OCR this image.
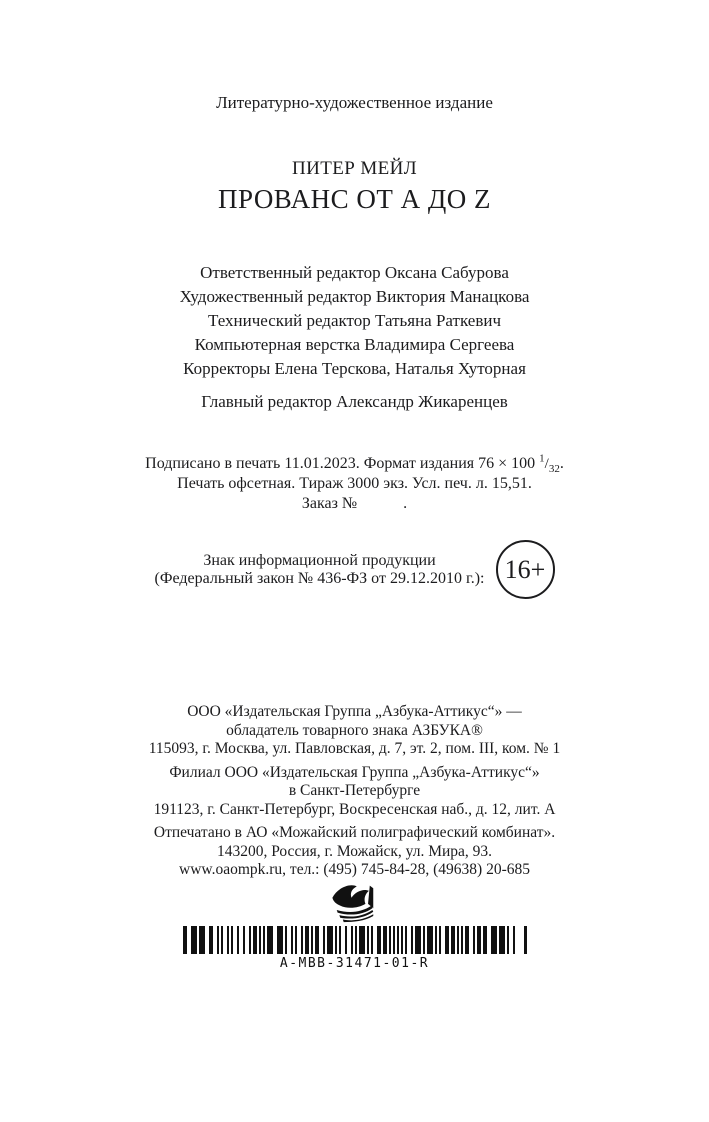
Литературно-художественное издание
ПИТЕР МЕЙЛ
ПРОВАНС ОТ А ДО Z
Ответственный редактор Оксана Сабурова
Художественный редактор Виктория Манацкова
Технический редактор Татьяна Раткевич
Компьютерная верстка Владимира Сергеева
Корректоры Елена Терскова, Наталья Хуторная
Главный редактор Александр Жикаренцев
Подписано в печать 11.01.2023. Формат издания 76 × 100 $^1/_{32}$.
Печать офсетная. Тираж 3000 экз. Усл. печ. л. 15,51.
Заказ №	.
Знак информационной продукции
(Федеральный закон № 436-ФЗ от 29.12.2010 г.): 16+
ООО «Издательская Группа „Азбука-Аттикус“» —
обладатель товарного знака АЗБУКА®
115093, г. Москва, ул. Павловская, д. 7, эт. 2, пом. III, ком. № 1
Филиал ООО «Издательская Группа „Азбука-Аттикус“»
в Санкт-Петербурге
191123, г. Санкт-Петербург, Воскресенская наб., д. 12, лит. А
Отпечатано в АО «Можайский полиграфический комбинат».
143200, Россия, г. Можайск, ул. Мира, 93.
www.oaompk.ru, тел.: (495) 745-84-28, (49638) 20-685
A-MBB-31471-01-R
